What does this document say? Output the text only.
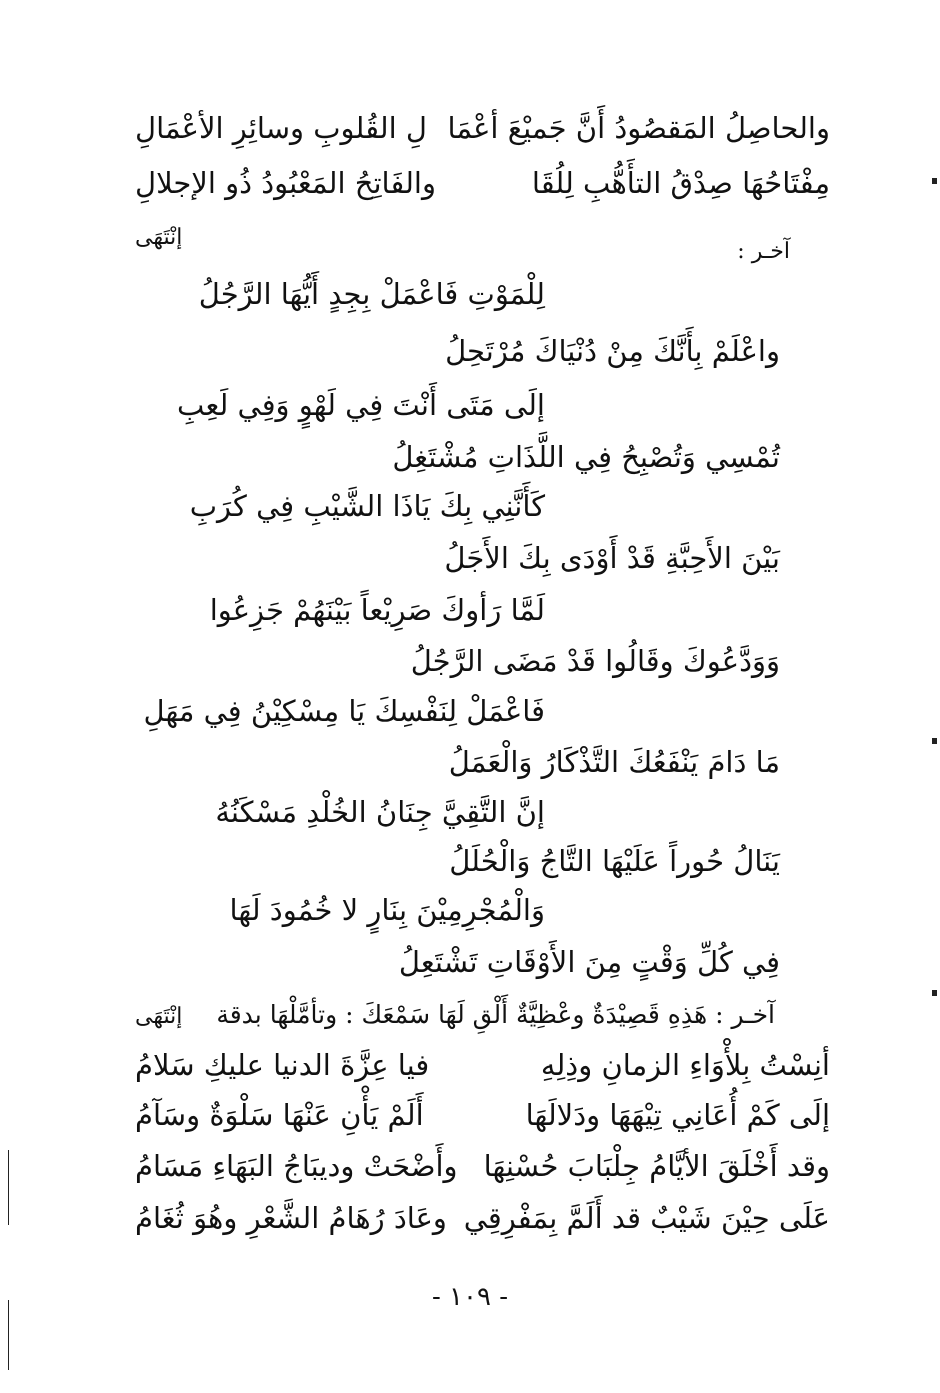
والحاصِلُ المَقصُودُ أَنَّ جَميْعَ أعْمَا
لِ القُلوبِ وسائِرِ الأعْمَالِ
مِفْتَاحُهَا صِدْقُ التأَهُّبِ لِلُقَا
والفَاتِحُ المَعْبُودُ ذُو الإجلالِ
إنْتَهَى
آخـر :
لِلْمَوْتِ فَاعْمَلْ بِجِدٍ أَيُّهَا الرَّجُلُ
واعْلَمْ بِأَنَّكَ مِنْ دُنْيَاكَ مُرْتَحِلُ
إلَى مَتَى أَنْتَ فِي لَهْوٍ وَفِي لَعِبِ
تُمْسِي وَتُصْبِحُ فِي اللَّذَاتِ مُشْتَغِلُ
كَأَنَّنِي بِكَ يَاذَا الشَّيْبِ فِي كُرَبِ
بَيْنَ الأَحِبَّةِ قَدْ أَوْدَى بِكَ الأَجَلُ
لَمَّا رَأوكَ صَرِيْعاً بَيْنَهُمْ جَزِعُوا
وَوَدَّعُوكَ وقَالُوا قَدْ مَضَى الرَّجُلُ
فَاعْمَلْ لِنَفْسِكَ يَا مِسْكِيْنُ فِي مَهَلِ
مَا دَامَ يَنْفَعُكَ التَّذْكَارُ وَالْعَمَلُ
إنَّ التَّقِيَّ جِنَانُ الخُلْدِ مَسْكَنُهُ
يَنَالُ حُوراً عَلَيْهَا التَّاجُ وَالْحُلَلُ
وَالْمُجْرِمِيْنَ بِنَارٍ لا خُمُودَ لَهَا
فِي كُلِّ وَقْتٍ مِنَ الأَوْقَاتِ تَشْتَعِلُ
آخـر : هَذِهِ قَصِيْدَةٌ وعْظِيَّةٌ أَلْقِ لَهَا سَمْعَكَ : وتأمَّلْهَا بدقة
إنْتَهَى
أنِسْتُ بِلأْوَاءِ الزمانِ وذِلِهِ
فيا عِزَّةَ الدنيا عليكِ سَلامُ
إلَى كَمْ أُعَانِي تِيْهَهَا ودَلالَهَا
أَلَمْ يَأْنِ عَنْهَا سَلْوَةٌ وسَآمُ
وقد أَخْلَقَ الأيَّامُ جِلْبَابَ حُسْنِهَا
وأَضْحَتْ وديبَاجُ البَهَاءِ مَسَامُ
عَلَى حِيْنَ شَيْبٌ قد أَلَمَّ بِمَفْرِقِي
وعَادَ رُهَامُ الشَّعْرِ وهُوَ ثُغَامُ
- ١٠٩ -
